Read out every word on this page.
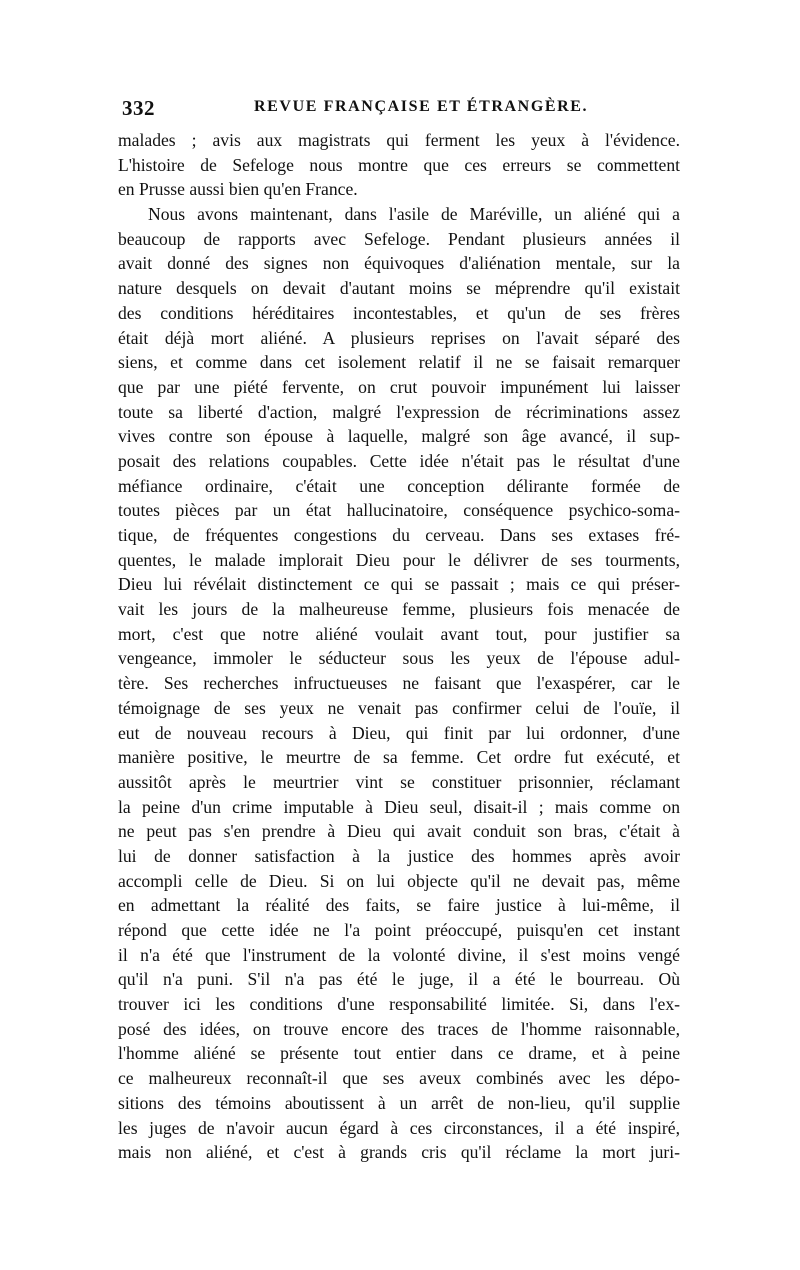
332	REVUE FRANÇAISE ET ÉTRANGÈRE.
malades ; avis aux magistrats qui ferment les yeux à l'évidence.
L'histoire de Sefeloge nous montre que ces erreurs se commettent
en Prusse aussi bien qu'en France.
Nous avons maintenant, dans l'asile de Maréville, un aliéné qui a
beaucoup de rapports avec Sefeloge. Pendant plusieurs années il
avait donné des signes non équivoques d'aliénation mentale, sur la
nature desquels on devait d'autant moins se méprendre qu'il existait
des conditions héréditaires incontestables, et qu'un de ses frères
était déjà mort aliéné. A plusieurs reprises on l'avait séparé des
siens, et comme dans cet isolement relatif il ne se faisait remarquer
que par une piété fervente, on crut pouvoir impunément lui laisser
toute sa liberté d'action, malgré l'expression de récriminations assez
vives contre son épouse à laquelle, malgré son âge avancé, il sup-
posait des relations coupables. Cette idée n'était pas le résultat d'une
méfiance ordinaire, c'était une conception délirante formée de
toutes pièces par un état hallucinatoire, conséquence psychico-soma-
tique, de fréquentes congestions du cerveau. Dans ses extases fré-
quentes, le malade implorait Dieu pour le délivrer de ses tourments,
Dieu lui révélait distinctement ce qui se passait ; mais ce qui préser-
vait les jours de la malheureuse femme, plusieurs fois menacée de
mort, c'est que notre aliéné voulait avant tout, pour justifier sa
vengeance, immoler le séducteur sous les yeux de l'épouse adul-
tère. Ses recherches infructueuses ne faisant que l'exaspérer, car le
témoignage de ses yeux ne venait pas confirmer celui de l'ouïe, il
eut de nouveau recours à Dieu, qui finit par lui ordonner, d'une
manière positive, le meurtre de sa femme. Cet ordre fut exécuté, et
aussitôt après le meurtrier vint se constituer prisonnier, réclamant
la peine d'un crime imputable à Dieu seul, disait-il ; mais comme on
ne peut pas s'en prendre à Dieu qui avait conduit son bras, c'était à
lui de donner satisfaction à la justice des hommes après avoir
accompli celle de Dieu. Si on lui objecte qu'il ne devait pas, même
en admettant la réalité des faits, se faire justice à lui-même, il
répond que cette idée ne l'a point préoccupé, puisqu'en cet instant
il n'a été que l'instrument de la volonté divine, il s'est moins vengé
qu'il n'a puni. S'il n'a pas été le juge, il a été le bourreau. Où
trouver ici les conditions d'une responsabilité limitée. Si, dans l'ex-
posé des idées, on trouve encore des traces de l'homme raisonnable,
l'homme aliéné se présente tout entier dans ce drame, et à peine
ce malheureux reconnaît-il que ses aveux combinés avec les dépo-
sitions des témoins aboutissent à un arrêt de non-lieu, qu'il supplie
les juges de n'avoir aucun égard à ces circonstances, il a été inspiré,
mais non aliéné, et c'est à grands cris qu'il réclame la mort juri-
